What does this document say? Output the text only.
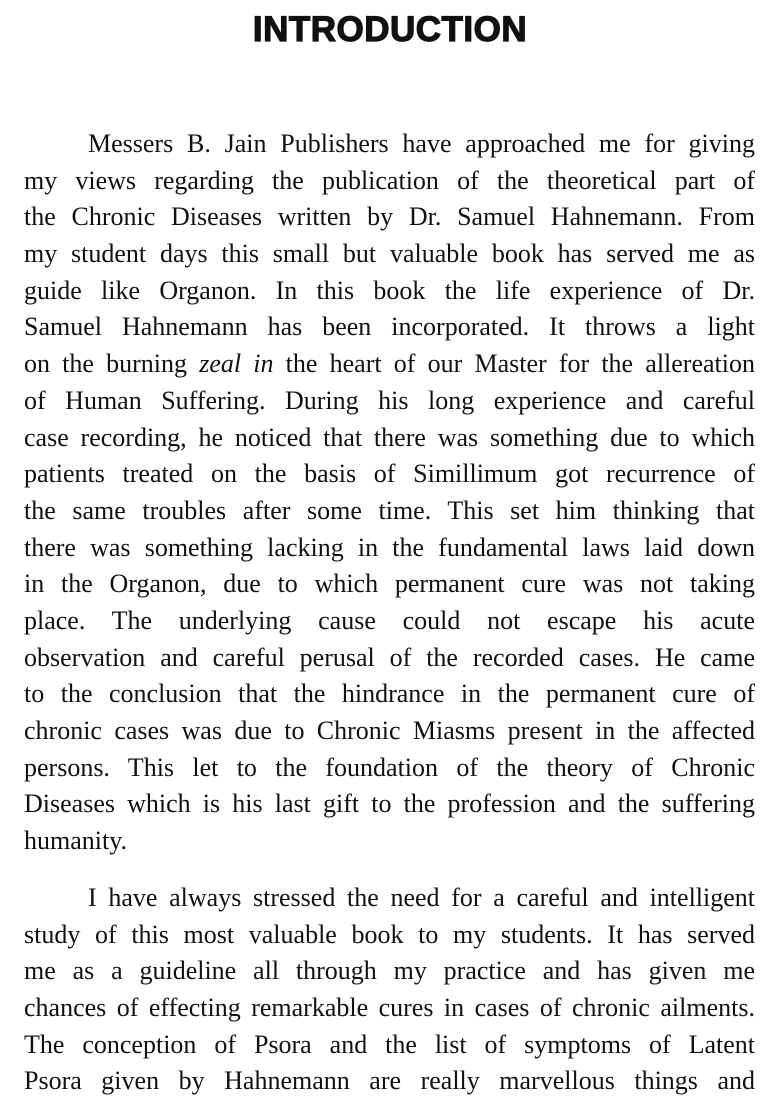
INTRODUCTION
Messers B. Jain Publishers have approached me for giving
my views regarding the publication of the theoretical part of
the Chronic Diseases written by Dr. Samuel Hahnemann. From
my student days this small but valuable book has served me as
guide like Organon. In this book the life experience of Dr.
Samuel Hahnemann has been incorporated. It throws a light
on the burning zeal in the heart of our Master for the allereation
of Human Suffering. During his long experience and careful
case recording, he noticed that there was something due to which
patients treated on the basis of Simillimum got recurrence of
the same troubles after some time. This set him thinking that
there was something lacking in the fundamental laws laid down
in the Organon, due to which permanent cure was not taking
place. The underlying cause could not escape his acute
observation and careful perusal of the recorded cases. He came
to the conclusion that the hindrance in the permanent cure of
chronic cases was due to Chronic Miasms present in the affected
persons. This let to the foundation of the theory of Chronic
Diseases which is his last gift to the profession and the suffering
humanity.
I have always stressed the need for a careful and intelligent
study of this most valuable book to my students. It has served
me as a guideline all through my practice and has given me
chances of effecting remarkable cures in cases of chronic ailments.
The conception of Psora and the list of symptoms of Latent
Psora given by Hahnemann are really marvellous things and
